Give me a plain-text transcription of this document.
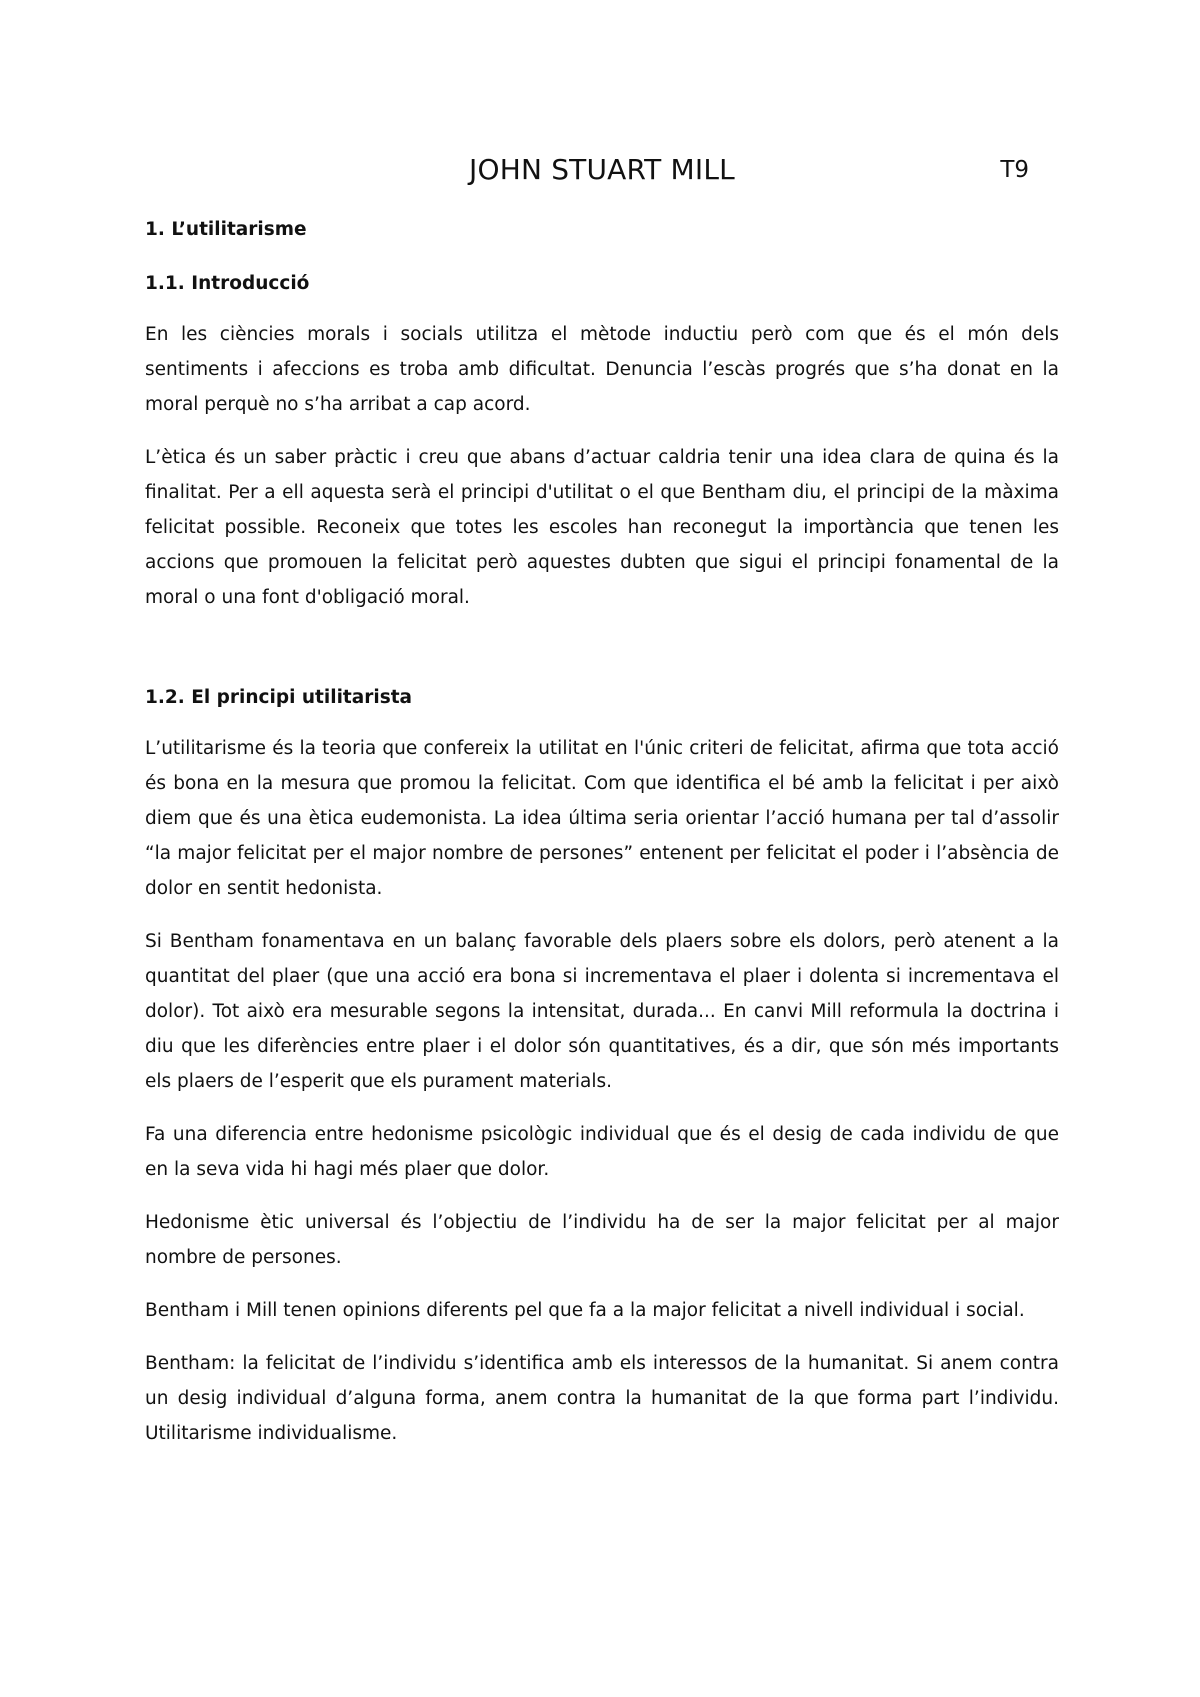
JOHN STUART MILL	T9
1. L’utilitarisme
1.1. Introducció

En les ciències morals i socials utilitza el mètode inductiu però com que és el món dels sentiments i afeccions es troba amb dificultat. Denuncia l’escàs progrés que s’ha donat en la moral perquè no s’ha arribat a cap acord.

L’ètica és un saber pràctic i creu que abans d’actuar caldria tenir una idea clara de quina és la finalitat. Per a ell aquesta serà el principi d'utilitat o el que Bentham diu, el principi de la màxima felicitat possible. Reconeix que totes les escoles han reconegut la importància que tenen les accions que promouen la felicitat però aquestes dubten que sigui el principi fonamental de la moral o una font d'obligació moral.

1.2. El principi utilitarista

L’utilitarisme és la teoria que confereix la utilitat en l'únic criteri de felicitat, afirma que tota acció és bona en la mesura que promou la felicitat. Com que identifica el bé amb la felicitat i per això diem que és una ètica eudemonista. La idea última seria orientar l’acció humana per tal d’assolir “la major felicitat per el major nombre de persones” entenent per felicitat el poder i l’absència de dolor en sentit hedonista.

Si Bentham fonamentava en un balanç favorable dels plaers sobre els dolors, però atenent a la quantitat del plaer (que una acció era bona si incrementava el plaer i dolenta si incrementava el dolor). Tot això era mesurable segons la intensitat, durada... En canvi Mill reformula la doctrina i diu que les diferències entre plaer i el dolor són quantitatives, és a dir, que són més importants els plaers de l’esperit que els purament materials.

Fa una diferencia entre hedonisme psicològic individual que és el desig de cada individu de que en la seva vida hi hagi més plaer que dolor.

Hedonisme ètic universal és l’objectiu de l’individu ha de ser la major felicitat per al major nombre de persones.

Bentham i Mill tenen opinions diferents pel que fa a la major felicitat a nivell individual i social.

Bentham: la felicitat de l’individu s’identifica amb els interessos de la humanitat. Si anem contra un desig individual d’alguna forma, anem contra la humanitat de la que forma part l’individu. Utilitarisme individualisme.
